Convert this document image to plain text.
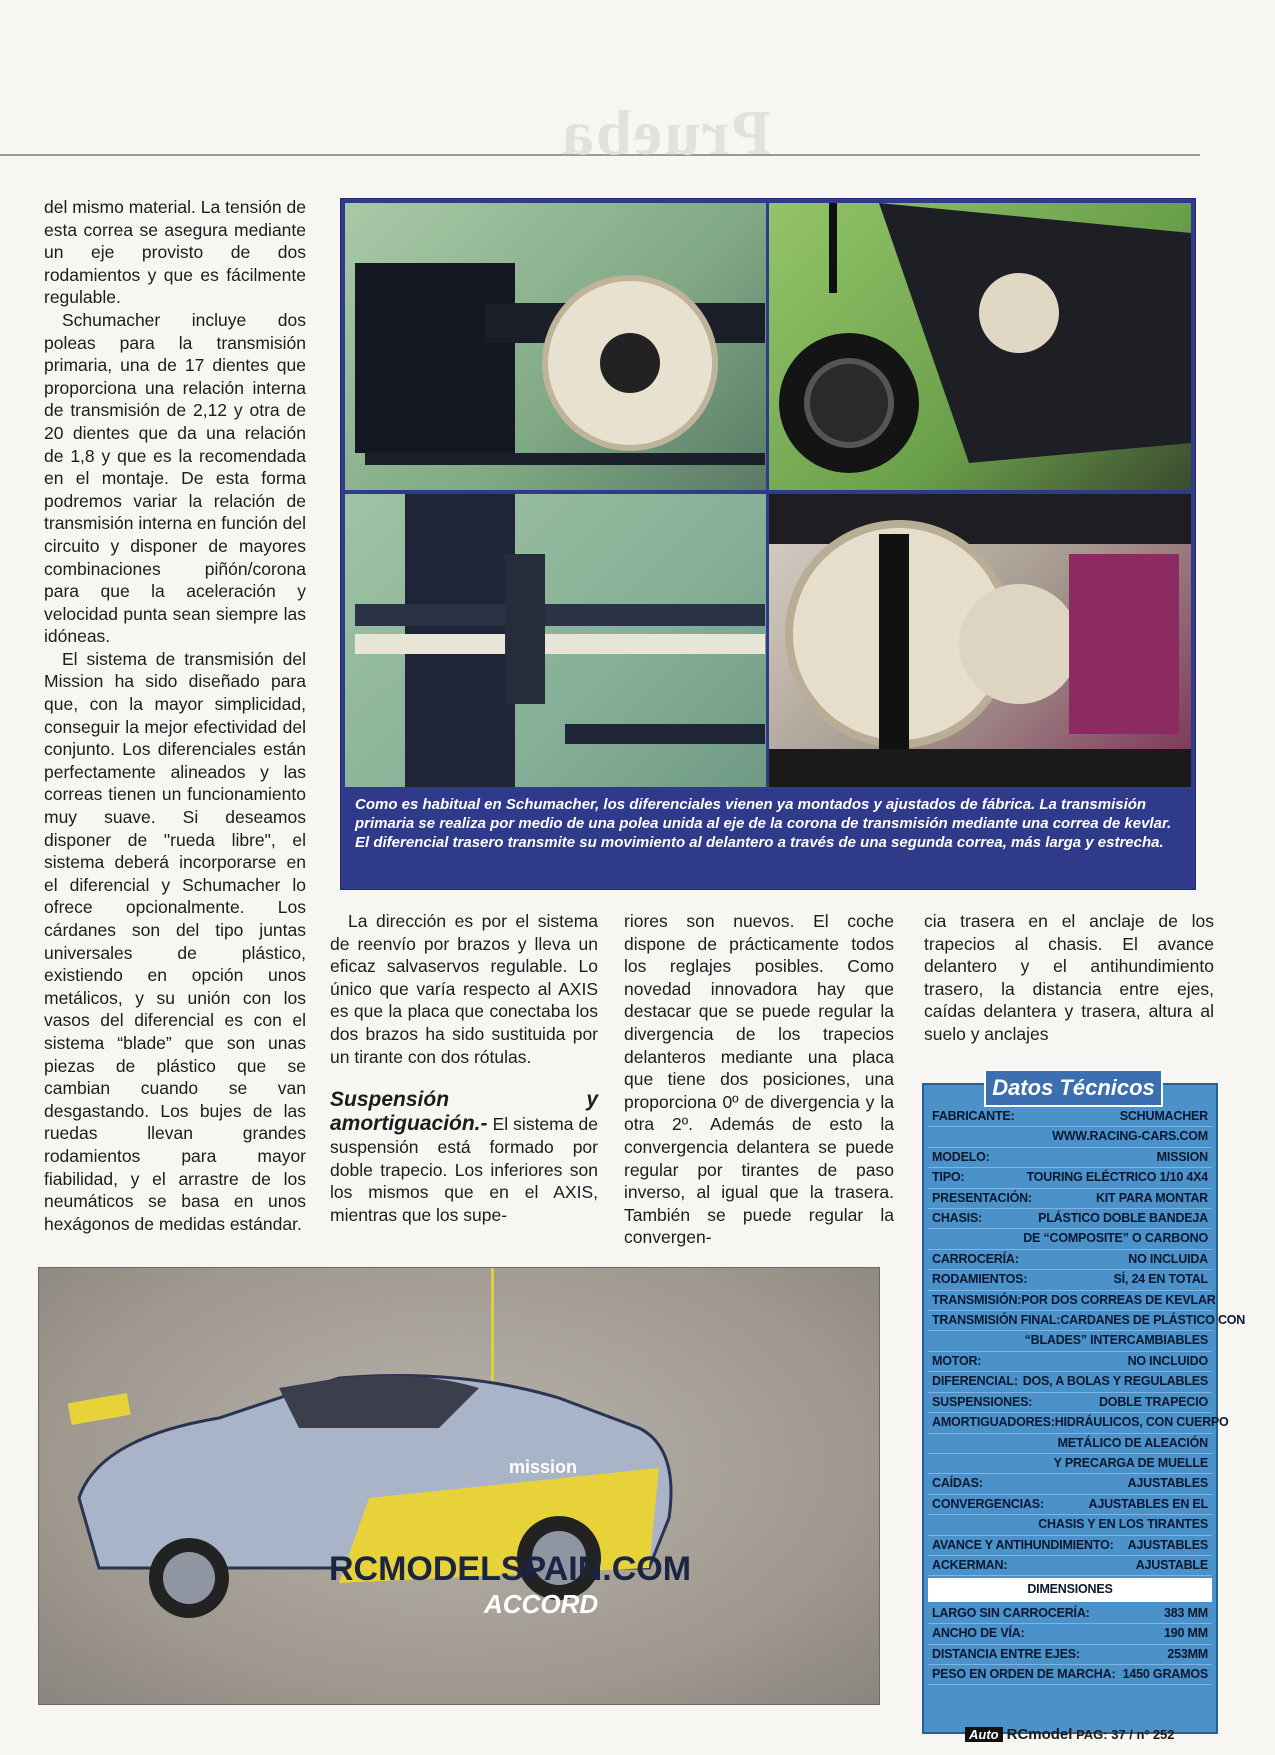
Prueba

del mismo material. La tensión de esta correa se asegura mediante un eje provisto de dos rodamientos y que es fácilmente regulable.

Schumacher incluye dos poleas para la transmisión primaria, una de 17 dientes que proporciona una relación interna de transmisión de 2,12 y otra de 20 dientes que da una relación de 1,8 y que es la recomendada en el montaje. De esta forma podremos variar la relación de transmisión interna en función del circuito y disponer de mayores combinaciones piñón/corona para que la aceleración y velocidad punta sean siempre las idóneas.

El sistema de transmisión del Mission ha sido diseñado para que, con la mayor simplicidad, conseguir la mejor efectividad del conjunto. Los diferenciales están perfectamente alineados y las correas tienen un funcionamiento muy suave. Si deseamos disponer de "rueda libre", el sistema deberá incorporarse en el diferencial y Schumacher lo ofrece opcionalmente. Los cárdanes son del tipo juntas universales de plástico, existiendo en opción unos metálicos, y su unión con los vasos del diferencial es con el sistema “blade” que son unas piezas de plástico que se cambian cuando se van desgastando. Los bujes de las ruedas llevan grandes rodamientos para mayor fiabilidad, y el arrastre de los neumáticos se basa en unos hexágonos de medidas estándar.

Como es habitual en Schumacher, los diferenciales vienen ya montados y ajustados de fábrica. La transmisión primaria se realiza por medio de una polea unida al eje de la corona de transmisión mediante una correa de kevlar. El diferencial trasero transmite su movimiento al delantero a través de una segunda correa, más larga y estrecha.

La dirección es por el sistema de reenvío por brazos y lleva un eficaz salvaservos regulable. Lo único que varía respecto al AXIS es que la placa que conectaba los dos brazos ha sido sustituida por un tirante con dos rótulas.

Suspensión y amortiguación.- El sistema de suspensión está formado por doble trapecio. Los inferiores son los mismos que en el AXIS, mientras que los supe-

riores son nuevos. El coche dispone de prácticamente todos los reglajes posibles. Como novedad innovadora hay que destacar que se puede regular la divergencia de los trapecios delanteros mediante una placa que tiene dos posiciones, una proporciona 0º de divergencia y la otra 2º. Además de esto la convergencia delantera se puede regular por tirantes de paso inverso, al igual que la trasera. También se puede regular la convergen-

cia trasera en el anclaje de los trapecios al chasis. El avance delantero y el antihundimiento trasero, la distancia entre ejes, caídas delantera y trasera, altura al suelo y anclajes

RCMODELSPAIN.COM
ACCORD
mission
Datos Técnicos
FABRICANTE:	SCHUMACHER
WWW.RACING-CARS.COM
MODELO:	MISSION
TIPO:	TOURING ELÉCTRICO 1/10 4X4
PRESENTACIÓN:	KIT PARA MONTAR
CHASIS:	PLÁSTICO DOBLE BANDEJA
DE “COMPOSITE” O CARBONO
CARROCERÍA:	NO INCLUIDA
RODAMIENTOS:	SÍ, 24 EN TOTAL
TRANSMISIÓN: POR DOS CORREAS DE KEVLAR
TRANSMISIÓN FINAL: CARDANES DE PLÁSTICO CON
“BLADES” INTERCAMBIABLES
MOTOR:	NO INCLUIDO
DIFERENCIAL: DOS, A BOLAS Y REGULABLES
SUSPENSIONES:	DOBLE TRAPECIO
AMORTIGUADORES: HIDRÁULICOS, CON CUERPO
METÁLICO DE ALEACIÓN
Y PRECARGA DE MUELLE
CAÍDAS:	AJUSTABLES
CONVERGENCIAS:	AJUSTABLES EN EL
CHASIS Y EN LOS TIRANTES
AVANCE Y ANTIHUNDIMIENTO:	AJUSTABLES
ACKERMAN:	AJUSTABLE
DIMENSIONES
LARGO SIN CARROCERÍA:	383 MM
ANCHO DE VÍA:	190 MM
DISTANCIA ENTRE EJES:	253MM
PESO EN ORDEN DE MARCHA: 1450 GRAMOS
Auto RCmodel PAG: 37 / nº 252
